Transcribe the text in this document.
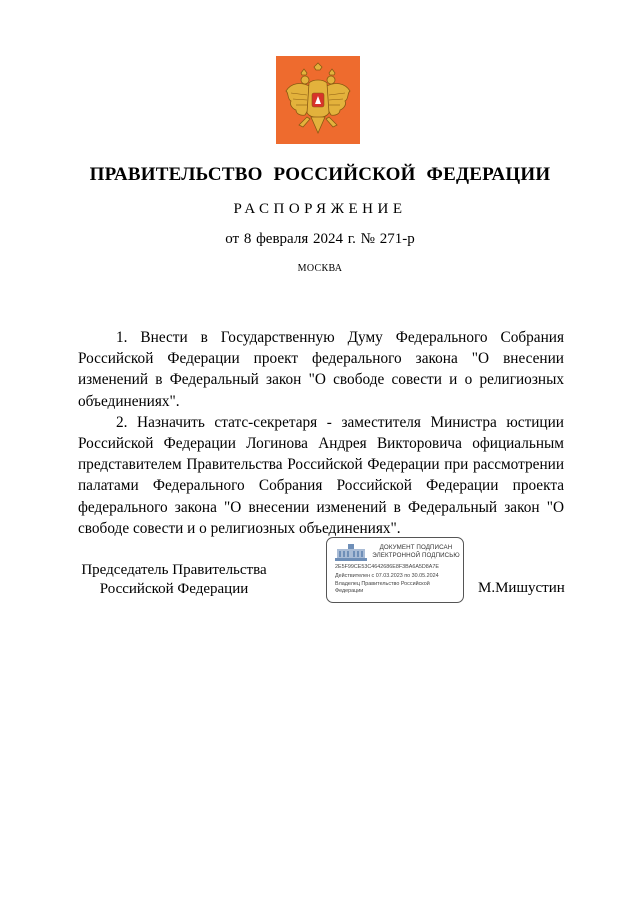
ПРАВИТЕЛЬСТВО РОССИЙСКОЙ ФЕДЕРАЦИИ
РАСПОРЯЖЕНИЕ
от 8 февраля 2024 г. № 271-р
МОСКВА

1. Внести в Государственную Думу Федерального Собрания Российской Федерации проект федерального закона "О внесении изменений в Федеральный закон "О свободе совести и о религиозных объединениях".

2. Назначить статс-секретаря - заместителя Министра юстиции Российской Федерации Логинова Андрея Викторовича официальным представителем Правительства Российской Федерации при рассмотрении палатами Федерального Собрания Российской Федерации проекта федерального закона "О внесении изменений в Федеральный закон "О свободе совести и о религиозных объединениях".

Председатель Правительства
Российской Федерации
ДОКУМЕНТ ПОДПИСАН
ЭЛЕКТРОННОЙ ПОДПИСЬЮ
2E5F99CE53C4642686E8F3BA6A5D8A7E
Действителен с 07.03.2023 по 30.05.2024
Владелец Правительство Российской
Федерации	М.Мишустин
